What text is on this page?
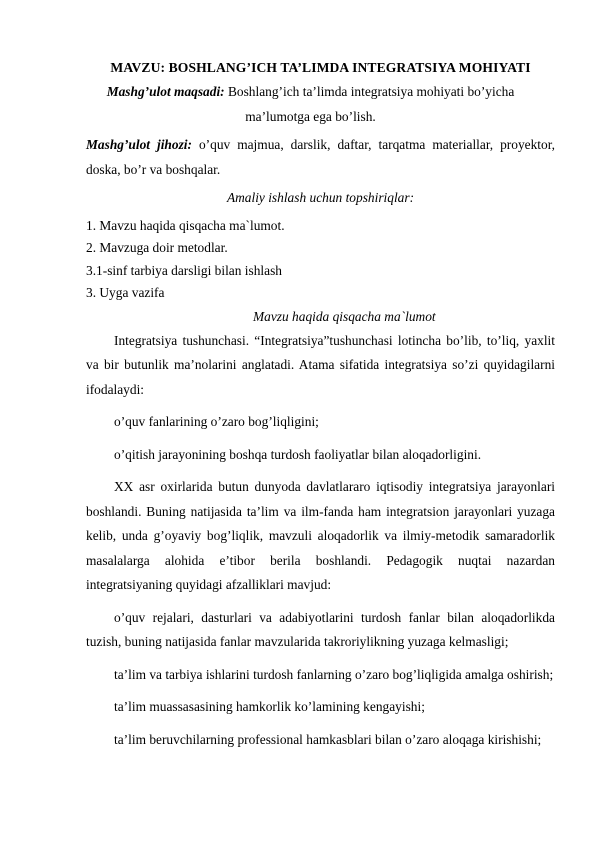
MAVZU: BOSHLANG’ICH TA’LIMDA INTEGRATSIYA MOHIYATI

Mashg’ulot maqsadi: Boshlang’ich ta’limda integratsiya mohiyati bo’yicha ma’lumotga ega bo’lish.

Mashg’ulot jihozi: o’quv majmua, darslik, daftar, tarqatma materiallar, proyektor, doska, bo’r va boshqalar.

Amaliy ishlash uchun topshiriqlar:

1. Mavzu haqida qisqacha ma`lumot.

2. Mavzuga doir metodlar.

3.1-sinf tarbiya darsligi bilan ishlash

3. Uyga vazifa

Mavzu haqida qisqacha ma`lumot

Integratsiya tushunchasi. “Integratsiya”tushunchasi lotincha bo’lib, to’liq, yaxlit va bir butunlik ma’nolarini anglatadi. Atama sifatida integratsiya so’zi quyidagilarni ifodalaydi:

o’quv fanlarining o’zaro bog’liqligini;

o’qitish jarayonining boshqa turdosh faoliyatlar bilan aloqadorligini.

XX asr oxirlarida butun dunyoda davlatlararo iqtisodiy integratsiya jarayonlari boshlandi. Buning natijasida ta’lim va ilm-fanda ham integratsion jarayonlari yuzaga kelib, unda g’oyaviy bog’liqlik, mavzuli aloqadorlik va ilmiy-metodik samaradorlik masalalarga alohida e’tibor berila boshlandi. Pedagogik nuqtai nazardan integratsiyaning quyidagi afzalliklari mavjud:

o’quv rejalari, dasturlari va adabiyotlarini turdosh fanlar bilan aloqadorlikda tuzish, buning natijasida fanlar mavzularida takroriylikning yuzaga kelmasligi;

ta’lim va tarbiya ishlarini turdosh fanlarning o’zaro bog’liqligida amalga oshirish;

ta’lim muassasasining hamkorlik ko’lamining kengayishi;

ta’lim beruvchilarning professional hamkasblari bilan o’zaro aloqaga kirishishi;
